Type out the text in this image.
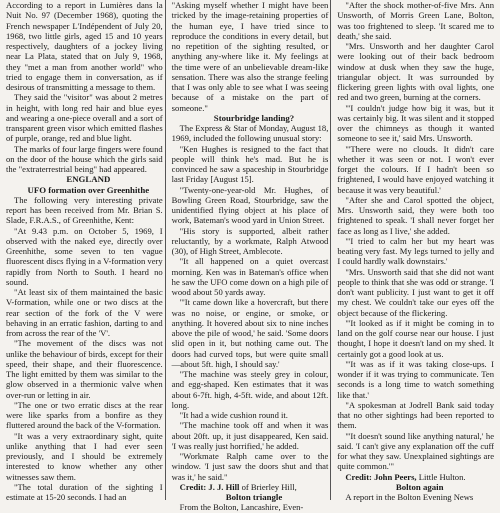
According to a report in Lumières dans la Nuit No. 97 (December 1968), quoting the French newspaper L'Indépendent of July 20, 1968, two little girls, aged 15 and 10 years respectively, daughters of a jockey living near La Plata, stated that on July 9, 1968, they "met a man from another world" who tried to engage them in conversation, as if desirous of transmitting a message to them.

They said the "visitor" was about 2 metres in height, with long red hair and blue eyes and wearing a one-piece overall and a sort of transparent green visor which emitted flashes of purple, orange, red and blue light.

The marks of four large fingers were found on the door of the house which the girls said the "extraterrestrial being" had appeared.

ENGLAND

UFO formation over Greenhithe

The following very interesting private report has been received from Mr. Brian S. Slade, F.R.A.S., of Greenhithe, Kent:

"At 9.43 p.m. on October 5, 1969, I observed with the naked eye, directly over Greenhithe, some seven to ten vague fluorescent discs flying in a V-formation very rapidly from North to South. I heard no sound.

"At least six of them maintained the basic V-formation, while one or two discs at the rear section of the fork of the V were behaving in an erratic fashion, darting to and from across the rear of the 'V'.

"The movement of the discs was not unlike the behaviour of birds, except for their speed, their shape, and their fluorescence. The light emitted by them was similar to the glow observed in a thermionic valve when over-run or letting in air.

"The one or two erratic discs at the rear were like sparks from a bonfire as they fluttered around the back of the V-formation.

"It was a very extraordinary sight, quite unlike anything that I had ever seen previously, and I should be extremely interested to know whether any other witnesses saw them.

"The total duration of the sighting I estimate at 15-20 seconds. I had an

"Asking myself whether I might have been tricked by the image-retaining properties of the human eye, I have tried since to reproduce the conditions in every detail, but no repetition of the sighting resulted, or anything any-where like it. My feelings at the time were of an unbelievable dream-like sensation. There was also the strange feeling that I was only able to see what I was seeing because of a mistake on the part of someone."

Stourbridge landing?

The Express & Star of Monday, August 18, 1969, included the following unusual story:

"Ken Hughes is resigned to the fact that people will think he's mad. But he is convinced he saw a spaceship in Stourbridge last Friday [August 15].

"Twenty-one-year-old Mr. Hughes, of Bowling Green Road, Stourbridge, saw the unidentified flying object at his place of work, Bateman's wood yard in Union Street.

"His story is supported, albeit rather reluctantly, by a workmate, Ralph Atwood (30), of High Street, Amblecote.

"It all happened on a quiet overcast morning. Ken was in Bateman's office when he saw the UFO come down on a high pile of wood about 50 yards away.

"'It came down like a hovercraft, but there was no noise, or engine, or smoke, or anything. It hovered about six to nine inches above the pile of wood,' he said. 'Some doors slid open in it, but nothing came out. The doors had curved tops, but were quite small—about 5ft. high, I should say.'

"The machine was steely grey in colour, and egg-shaped. Ken estimates that it was about 6-7ft. high, 4-5ft. wide, and about 12ft. long.

"It had a wide cushion round it.

"The machine took off and when it was about 20ft. up, it just disappeared, Ken said. 'I was really just horrified,' he added.

"Workmate Ralph came over to the window. 'I just saw the doors shut and that was it,' he said."

Credit: J. J. Hill of Brierley Hill,

Bolton triangle

From the Bolton, Lancashire, Even-

"After the shock mother-of-five Mrs. Ann Unsworth, of Morris Green Lane, Bolton, was too frightened to sleep. 'It scared me to death,' she said.

"Mrs. Unsworth and her daughter Carol were looking out of their back bedroom window at dusk when they saw the huge, triangular object. It was surrounded by flickering green lights with oval lights, one red and two green, burning at the corners.

"'I couldn't judge how big it was, but it was certainly big. It was silent and it stopped over the chimneys as though it wanted someone to see it,' said Mrs. Unsworth.

"'There were no clouds. It didn't care whether it was seen or not. I won't ever forget the colours. If I hadn't been so frightened, I would have enjoyed watching it because it was very beautiful.'

"After she and Carol spotted the object, Mrs. Unsworth said, they were both too frightened to speak. 'I shall never forget her face as long as I live,' she added.

"'I tried to calm her but my heart was beating very fast. My legs turned to jelly and I could hardly walk downstairs.'

"Mrs. Unsworth said that she did not want people to think that she was odd or strange. 'I don't want publicity. I just want to get it off my chest. We couldn't take our eyes off the object because of the flickering.

"'It looked as if it might be coming in to land on the golf course near our house. I just thought, I hope it doesn't land on my shed. It certainly got a good look at us.

"'It was as if it was taking close-ups. I wonder if it was trying to communicate. Ten seconds is a long time to watch something like that.'

"A spokesman at Jodrell Bank said today that no other sightings had been reported to them.

"'It doesn't sound like anything natural,' he said. 'I can't give any explanation off the cuff for what they saw. Unexplained sightings are quite common.'"

Credit: John Peers, Little Hulton.

Bolton again

A report in the Bolton Evening News
